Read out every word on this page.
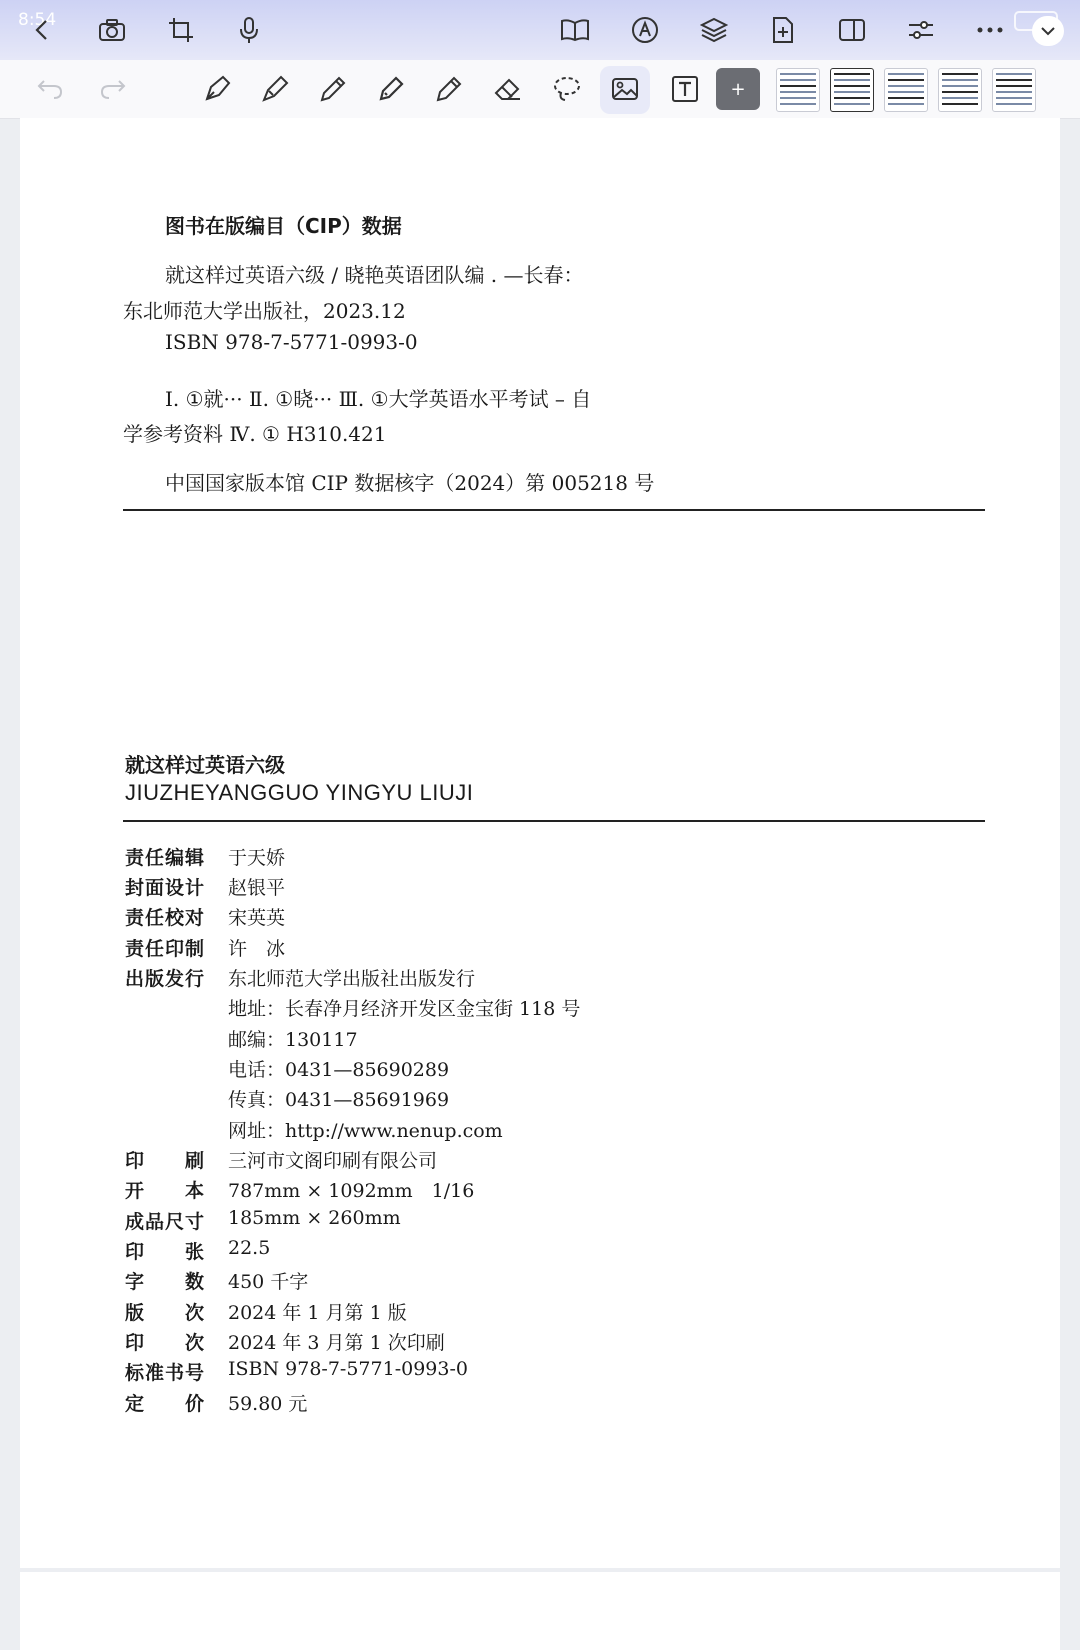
8:54
+
图书在版编目（CIP）数据
就这样过英语六级 / 晓艳英语团队编 . —长春：
东北师范大学出版社，2023.12
ISBN 978-7-5771-0993-0
Ⅰ. ①就··· Ⅱ. ①晓··· Ⅲ. ①大学英语水平考试 – 自
学参考资料 Ⅳ. ① H310.421
中国国家版本馆 CIP 数据核字（2024）第 005218 号
就这样过英语六级
JIUZHEYANGGUO YINGYU LIUJI
责任编辑 于天娇
封面设计 赵银平
责任校对 宋英英
责任印制 许　冰
出版发行 东北师范大学出版社出版发行
地址：长春净月经济开发区金宝街 118 号
邮编：130117
电话：0431—85690289
传真：0431—85691969
网址：http://www.nenup.com
印　　刷 三河市文阁印刷有限公司
开　　本 787mm × 1092mm　1/16
成品尺寸 185mm × 260mm
印　　张 22.5
字　　数 450 千字
版　　次 2024 年 1 月第 1 版
印　　次 2024 年 3 月第 1 次印刷
标准书号 ISBN 978-7-5771-0993-0
定　　价 59.80 元
